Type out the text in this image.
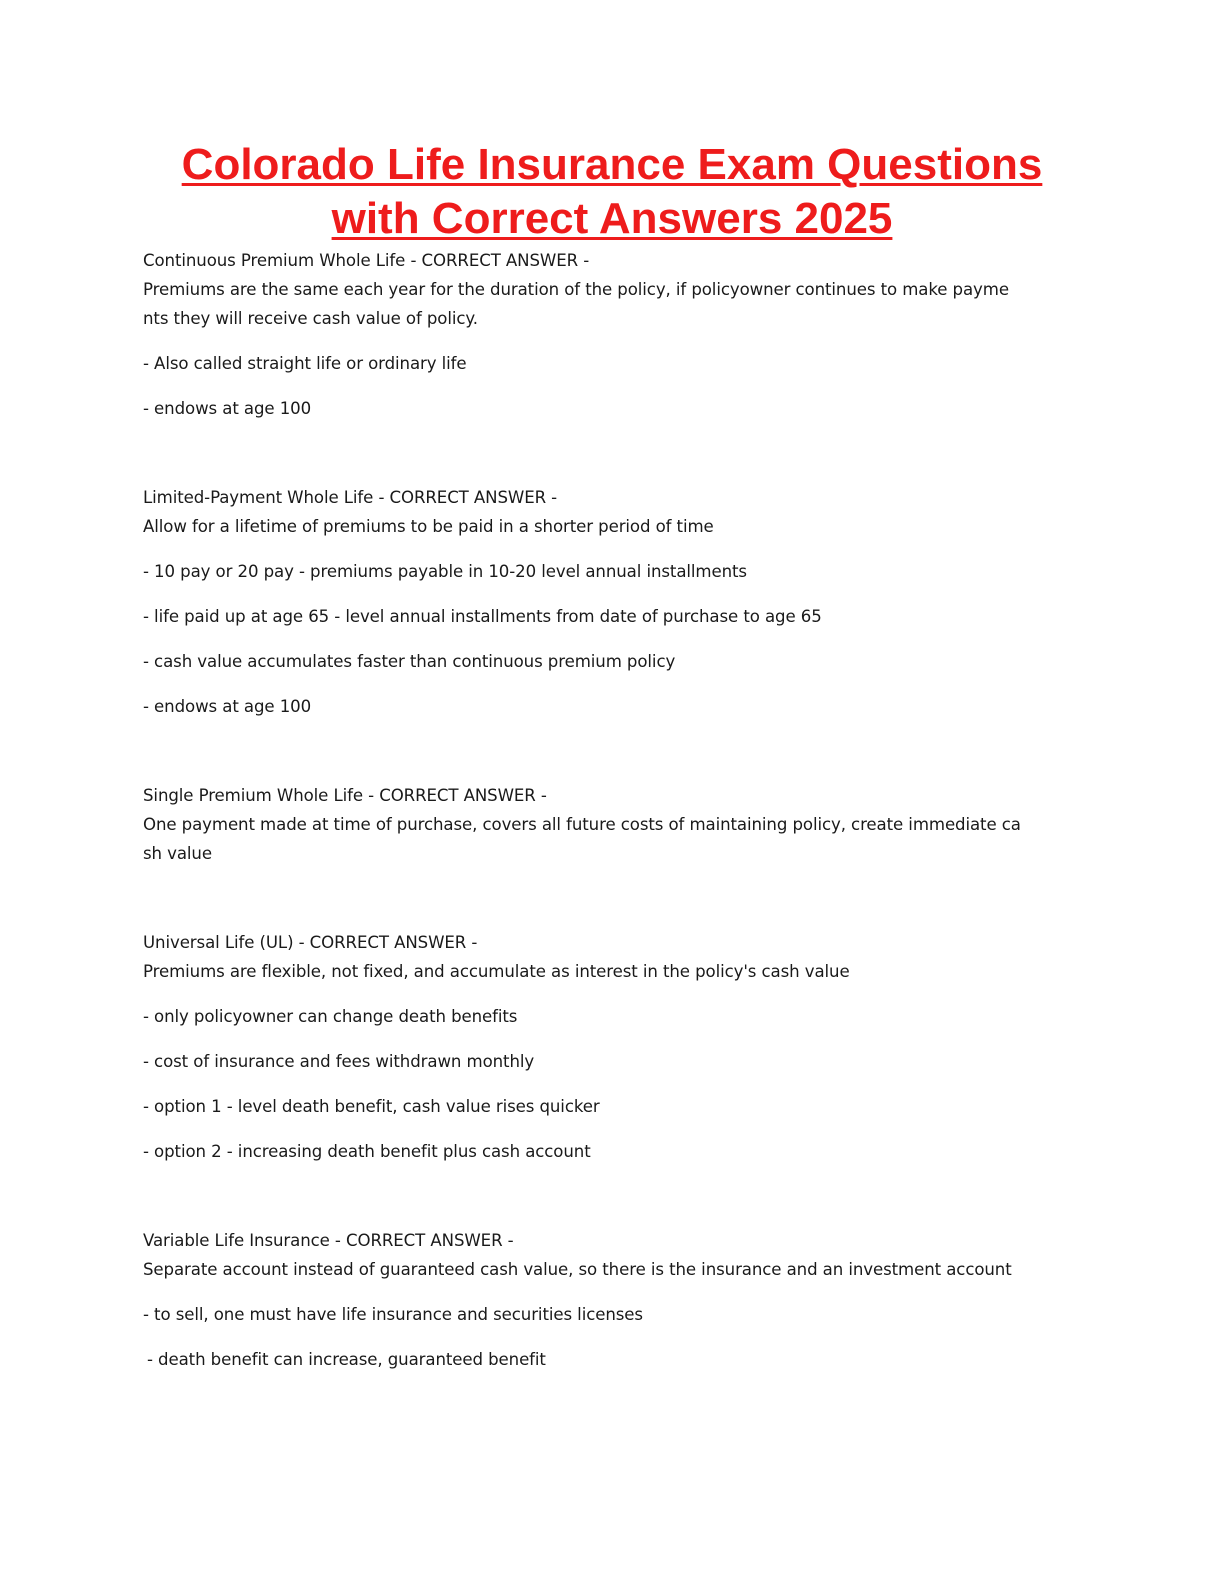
Colorado Life Insurance Exam Questions
with Correct Answers 2025

Continuous Premium Whole Life - CORRECT ANSWER -

Premiums are the same each year for the duration of the policy, if policyowner continues to make payme

nts they will receive cash value of policy.

- Also called straight life or ordinary life

- endows at age 100

Limited-Payment Whole Life - CORRECT ANSWER -

Allow for a lifetime of premiums to be paid in a shorter period of time

- 10 pay or 20 pay - premiums payable in 10-20 level annual installments

- life paid up at age 65 - level annual installments from date of purchase to age 65

- cash value accumulates faster than continuous premium policy

- endows at age 100

Single Premium Whole Life - CORRECT ANSWER -

One payment made at time of purchase, covers all future costs of maintaining policy, create immediate ca

sh value

Universal Life (UL) - CORRECT ANSWER -

Premiums are flexible, not fixed, and accumulate as interest in the policy's cash value

- only policyowner can change death benefits

- cost of insurance and fees withdrawn monthly

- option 1 - level death benefit, cash value rises quicker

- option 2 - increasing death benefit plus cash account

Variable Life Insurance - CORRECT ANSWER -

Separate account instead of guaranteed cash value, so there is the insurance and an investment account

- to sell, one must have life insurance and securities licenses

- death benefit can increase, guaranteed benefit
